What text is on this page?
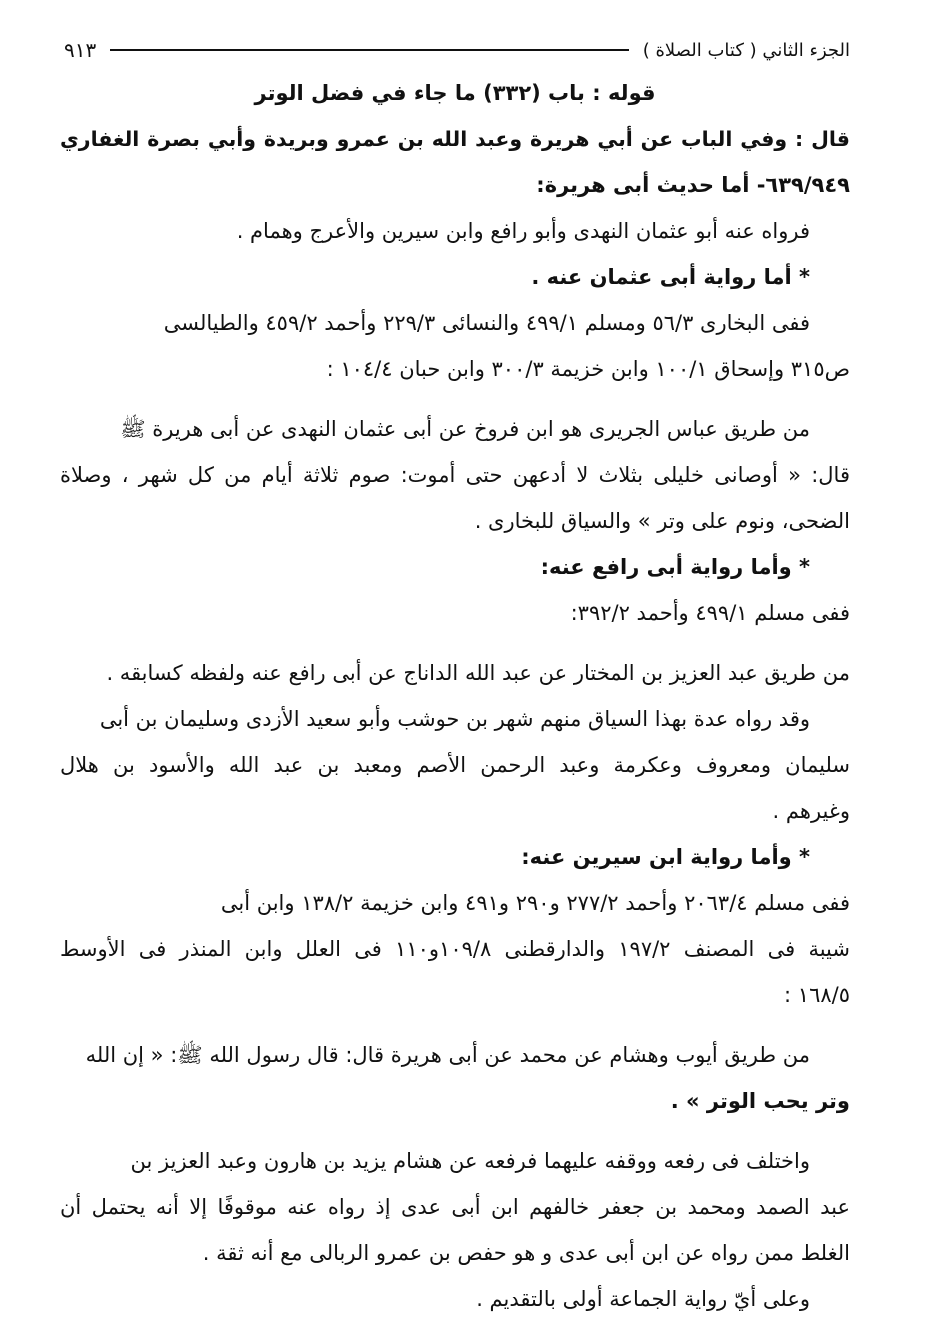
الجزء الثاني ( كتاب الصلاة )
٩١٣
قوله : باب (٣٣٢) ما جاء في فضل الوتر
قال : وفي الباب عن أبي هريرة وعبد الله بن عمرو وبريدة وأبي بصرة الغفاري
٦٣٩/٩٤٩- أما حديث أبى هريرة:
فرواه عنه أبو عثمان النهدى وأبو رافع وابن سيرين والأعرج وهمام .
* أما رواية أبى عثمان عنه .
ففى البخارى ٥٦/٣ ومسلم ٤٩٩/١ والنسائى ٢٢٩/٣ وأحمد ٤٥٩/٢ والطيالسى
ص٣١٥ وإسحاق ١٠٠/١ وابن خزيمة ٣٠٠/٣ وابن حبان ١٠٤/٤ :
من طريق عباس الجريرى هو ابن فروخ عن أبى عثمان النهدى عن أبى هريرة ﷺ
قال: « أوصانى خليلى بثلاث لا أدعهن حتى أموت: صوم ثلاثة أيام من كل شهر ، وصلاة
الضحى، ونوم على وتر » والسياق للبخارى .
* وأما رواية أبى رافع عنه:
ففى مسلم ٤٩٩/١ وأحمد ٣٩٢/٢:
من طريق عبد العزيز بن المختار عن عبد الله الداناج عن أبى رافع عنه ولفظه كسابقه .
وقد رواه عدة بهذا السياق منهم شهر بن حوشب وأبو سعيد الأزدى وسليمان بن أبى
سليمان ومعروف وعكرمة وعبد الرحمن الأصم ومعبد بن عبد الله والأسود بن هلال
وغيرهم .
* وأما رواية ابن سيرين عنه:
ففى مسلم ٢٠٦٣/٤ وأحمد ٢٧٧/٢ و٢٩٠ و٤٩١ وابن خزيمة ١٣٨/٢ وابن أبى
شيبة فى المصنف ١٩٧/٢ والدارقطنى ١٠٩/٨و١١٠ فى العلل وابن المنذر فى الأوسط
١٦٨/٥ :
من طريق أيوب وهشام عن محمد عن أبى هريرة قال: قال رسول الله ﷺ: « إن الله
وتر يحب الوتر » .
واختلف فى رفعه ووقفه عليهما فرفعه عن هشام يزيد بن هارون وعبد العزيز بن
عبد الصمد ومحمد بن جعفر خالفهم ابن أبى عدى إذ رواه عنه موقوفًا إلا أنه يحتمل أن
الغلط ممن رواه عن ابن أبى عدى و هو حفص بن عمرو الربالى مع أنه ثقة .
وعلى أيّ رواية الجماعة أولى بالتقديم .
